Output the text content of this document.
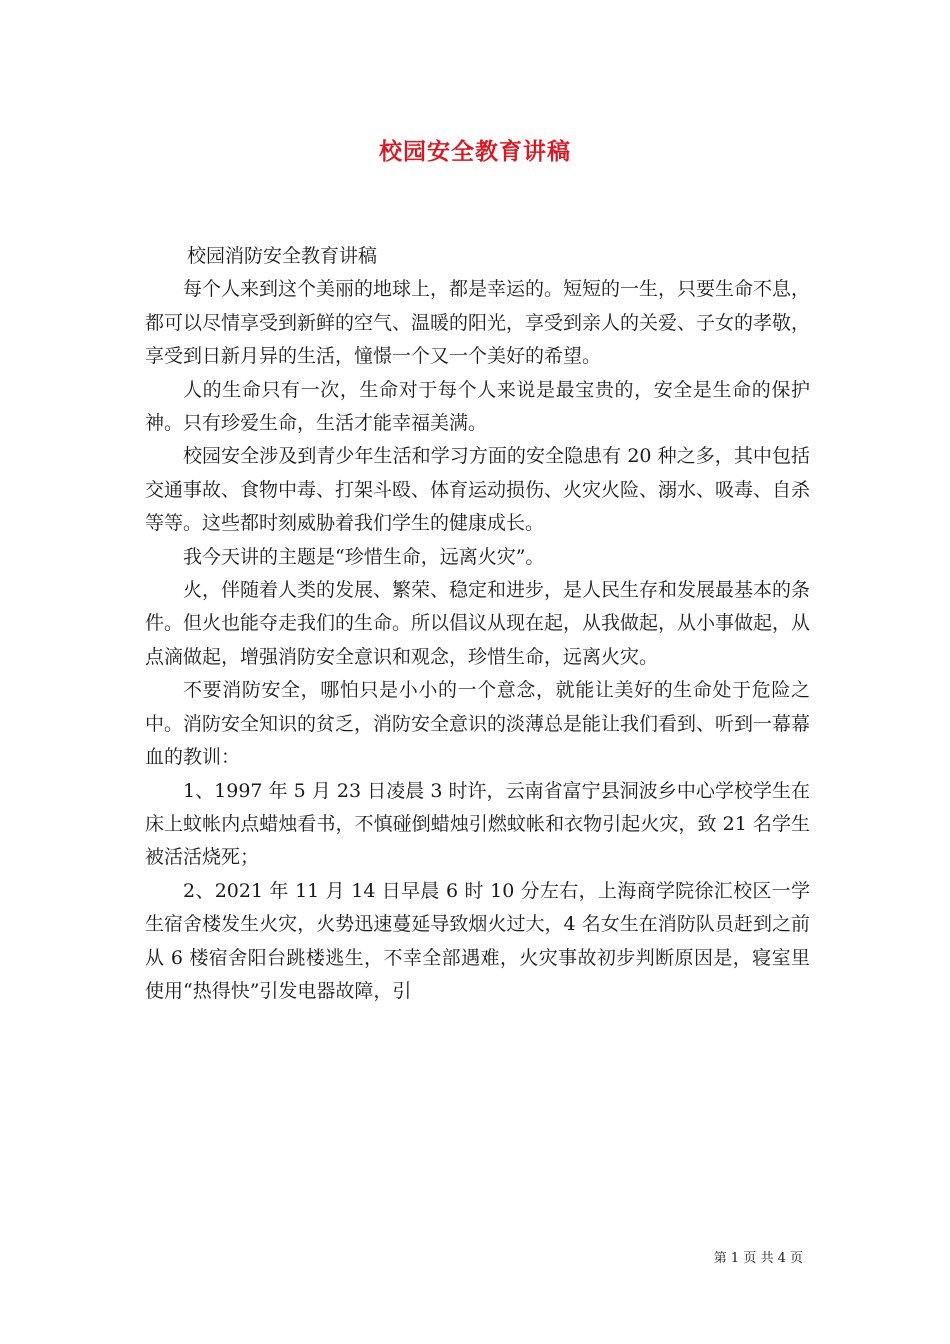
校园安全教育讲稿

校园消防安全教育讲稿

每个人来到这个美丽的地球上，都是幸运的。短短的一生，只要生命不息，都可以尽情享受到新鲜的空气、温暖的阳光，享受到亲人的关爱、子女的孝敬，享受到日新月异的生活，憧憬一个又一个美好的希望。

人的生命只有一次，生命对于每个人来说是最宝贵的，安全是生命的保护神。只有珍爱生命，生活才能幸福美满。

校园安全涉及到青少年生活和学习方面的安全隐患有 20 种之多，其中包括交通事故、食物中毒、打架斗殴、体育运动损伤、火灾火险、溺水、吸毒、自杀等等。这些都时刻威胁着我们学生的健康成长。

我今天讲的主题是“珍惜生命，远离火灾”。

火，伴随着人类的发展、繁荣、稳定和进步，是人民生存和发展最基本的条件。但火也能夺走我们的生命。所以倡议从现在起，从我做起，从小事做起，从点滴做起，增强消防安全意识和观念，珍惜生命，远离火灾。

不要消防安全，哪怕只是小小的一个意念，就能让美好的生命处于危险之中。消防安全知识的贫乏，消防安全意识的淡薄总是能让我们看到、听到一幕幕血的教训：

1、1997 年 5 月 23 日凌晨 3 时许，云南省富宁县洞波乡中心学校学生在床上蚊帐内点蜡烛看书，不慎碰倒蜡烛引燃蚊帐和衣物引起火灾，致 21 名学生被活活烧死；

2、2021 年 11 月 14 日早晨 6 时 10 分左右，上海商学院徐汇校区一学生宿舍楼发生火灾，火势迅速蔓延导致烟火过大，4 名女生在消防队员赶到之前从 6 楼宿舍阳台跳楼逃生，不幸全部遇难，火灾事故初步判断原因是，寝室里使用“热得快”引发电器故障，引

第 1 页 共 4 页
